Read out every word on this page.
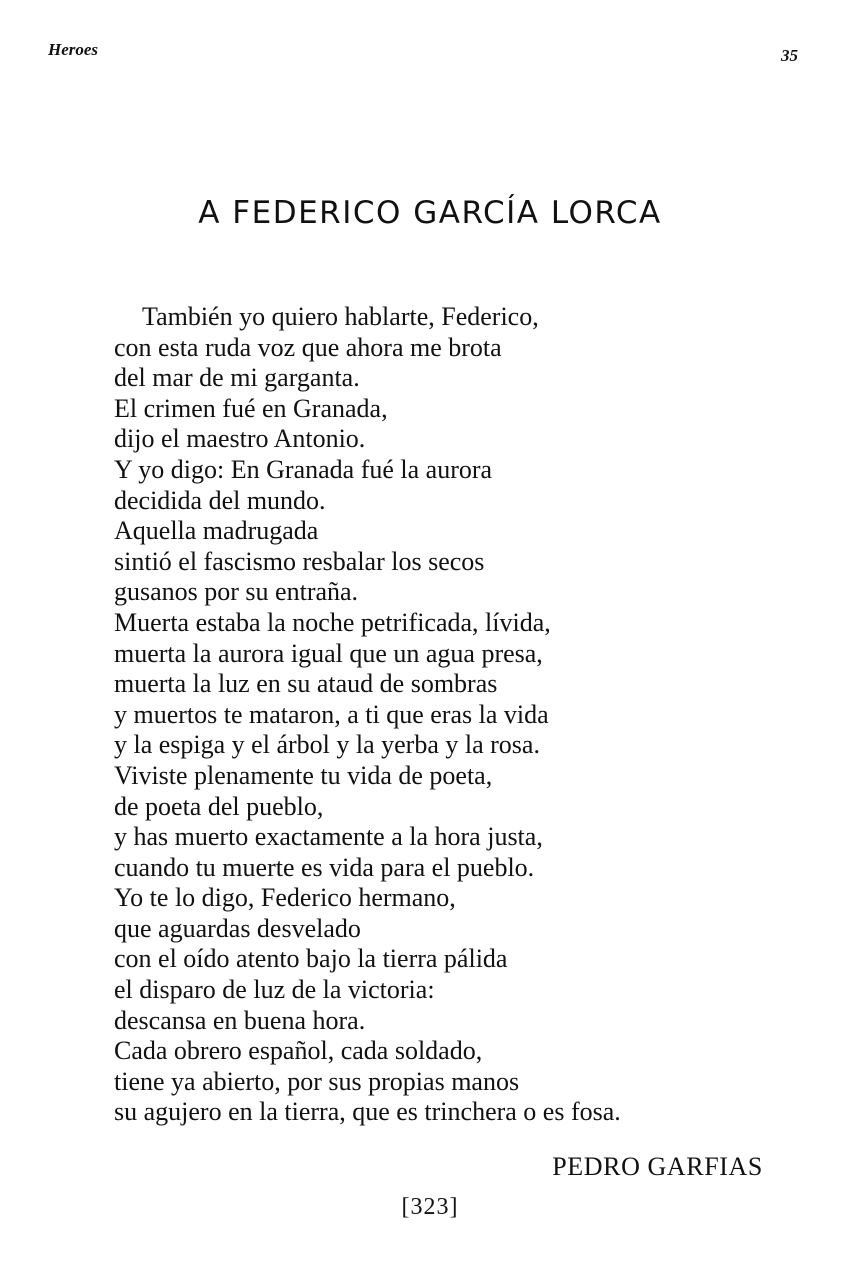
Heroes	35
A FEDERICO GARCÍA LORCA
También yo quiero hablarte, Federico,
con esta ruda voz que ahora me brota
del mar de mi garganta.
El crimen fué en Granada,
dijo el maestro Antonio.
Y yo digo: En Granada fué la aurora
decidida del mundo.
Aquella madrugada
sintió el fascismo resbalar los secos
gusanos por su entraña.
Muerta estaba la noche petrificada, lívida,
muerta la aurora igual que un agua presa,
muerta la luz en su ataud de sombras
y muertos te mataron, a ti que eras la vida
y la espiga y el árbol y la yerba y la rosa.
Viviste plenamente tu vida de poeta,
de poeta del pueblo,
y has muerto exactamente a la hora justa,
cuando tu muerte es vida para el pueblo.
Yo te lo digo, Federico hermano,
que aguardas desvelado
con el oído atento bajo la tierra pálida
el disparo de luz de la victoria:
descansa en buena hora.
Cada obrero español, cada soldado,
tiene ya abierto, por sus propias manos
su agujero en la tierra, que es trinchera o es fosa.
PEDRO GARFIAS
[323]
